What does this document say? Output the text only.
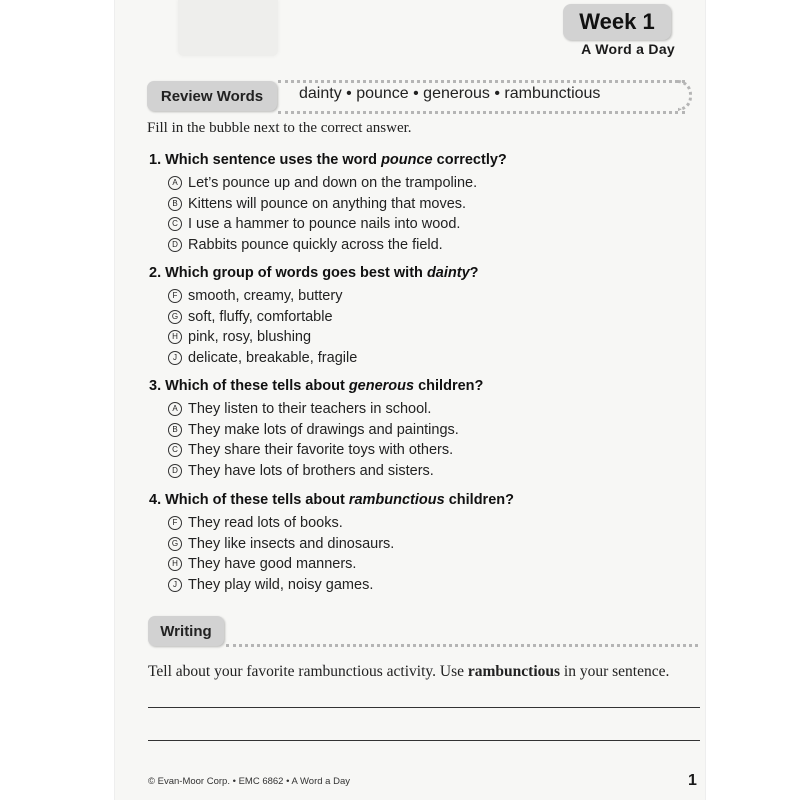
Week 1
A Word a Day
Review Words	dainty • pounce • generous • rambunctious
Fill in the bubble next to the correct answer.
1. Which sentence uses the word pounce correctly?
A Let’s pounce up and down on the trampoline.
B Kittens will pounce on anything that moves.
C I use a hammer to pounce nails into wood.
D Rabbits pounce quickly across the field.
2. Which group of words goes best with dainty?
F smooth, creamy, buttery
G soft, fluffy, comfortable
H pink, rosy, blushing
J delicate, breakable, fragile
3. Which of these tells about generous children?
A They listen to their teachers in school.
B They make lots of drawings and paintings.
C They share their favorite toys with others.
D They have lots of brothers and sisters.
4. Which of these tells about rambunctious children?
F They read lots of books.
G They like insects and dinosaurs.
H They have good manners.
J They play wild, noisy games.
Writing
Tell about your favorite rambunctious activity. Use rambunctious in your sentence.
© Evan-Moor Corp. • EMC 6862 • A Word a Day	1
